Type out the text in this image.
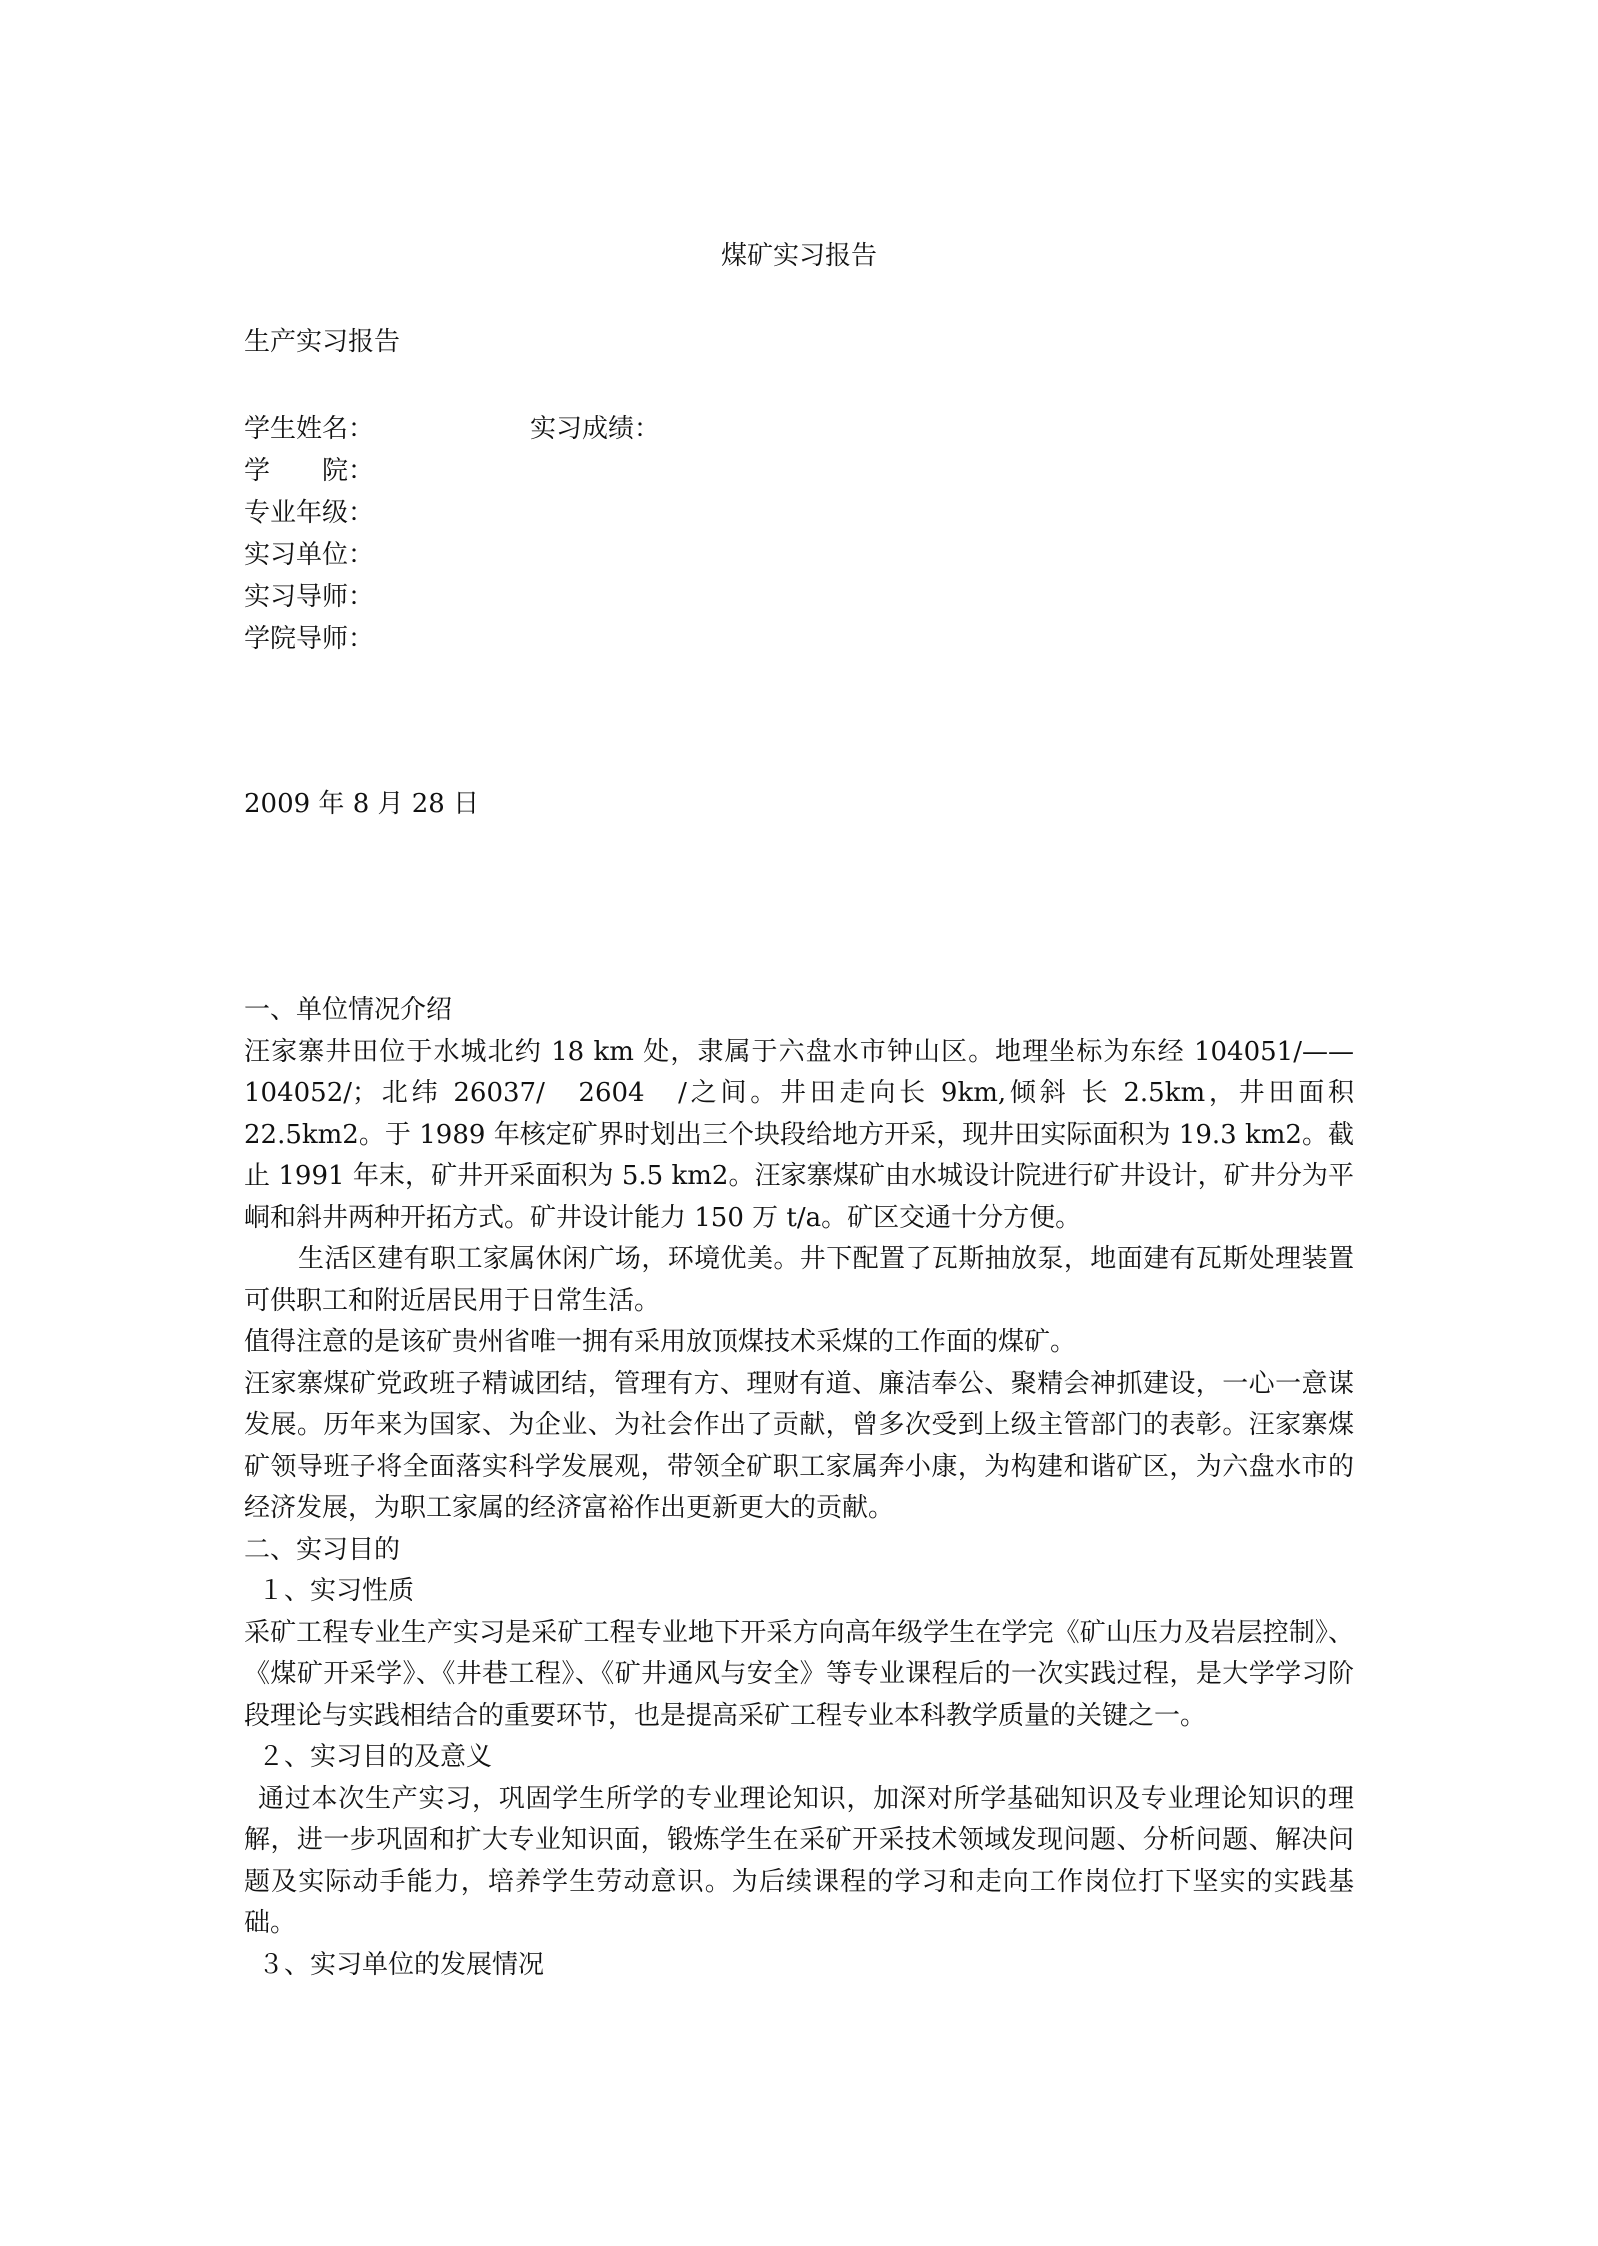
煤矿实习报告
生产实习报告
学生姓名：	实习成绩：
学　　院：
专业年级：
实习单位：
实习导师：
学院导师：
2009 年 8 月 28 日

一、单位情况介绍

汪家寨井田位于水城北约 18 km 处，隶属于六盘水市钟山区。地理坐标为东经 104051/——104052/；北纬 26037/　2604　/之间。井田走向长 9km,倾斜 长 2.5km，井田面积 22.5km2。于 1989 年核定矿界时划出三个块段给地方开采，现井田实际面积为 19.3 km2。截止 1991 年末，矿井开采面积为 5.5 km2。汪家寨煤矿由水城设计院进行矿井设计，矿井分为平峒和斜井两种开拓方式。矿井设计能力 150 万 t/a。矿区交通十分方便。

生活区建有职工家属休闲广场，环境优美。井下配置了瓦斯抽放泵，地面建有瓦斯处理装置可供职工和附近居民用于日常生活。

值得注意的是该矿贵州省唯一拥有采用放顶煤技术采煤的工作面的煤矿。

汪家寨煤矿党政班子精诚团结，管理有方、理财有道、廉洁奉公、聚精会神抓建设，一心一意谋发展。历年来为国家、为企业、为社会作出了贡献，曾多次受到上级主管部门的表彰。汪家寨煤矿领导班子将全面落实科学发展观，带领全矿职工家属奔小康，为构建和谐矿区，为六盘水市的经济发展，为职工家属的经济富裕作出更新更大的贡献。

二、实习目的

１、实习性质

采矿工程专业生产实习是采矿工程专业地下开采方向高年级学生在学完《矿山压力及岩层控制》、《煤矿开采学》、《井巷工程》、《矿井通风与安全》等专业课程后的一次实践过程，是大学学习阶段理论与实践相结合的重要环节，也是提高采矿工程专业本科教学质量的关键之一。

２、实习目的及意义

通过本次生产实习，巩固学生所学的专业理论知识，加深对所学基础知识及专业理论知识的理解，进一步巩固和扩大专业知识面，锻炼学生在采矿开采技术领域发现问题、分析问题、解决问题及实际动手能力，培养学生劳动意识。为后续课程的学习和走向工作岗位打下坚实的实践基础。

３、实习单位的发展情况
